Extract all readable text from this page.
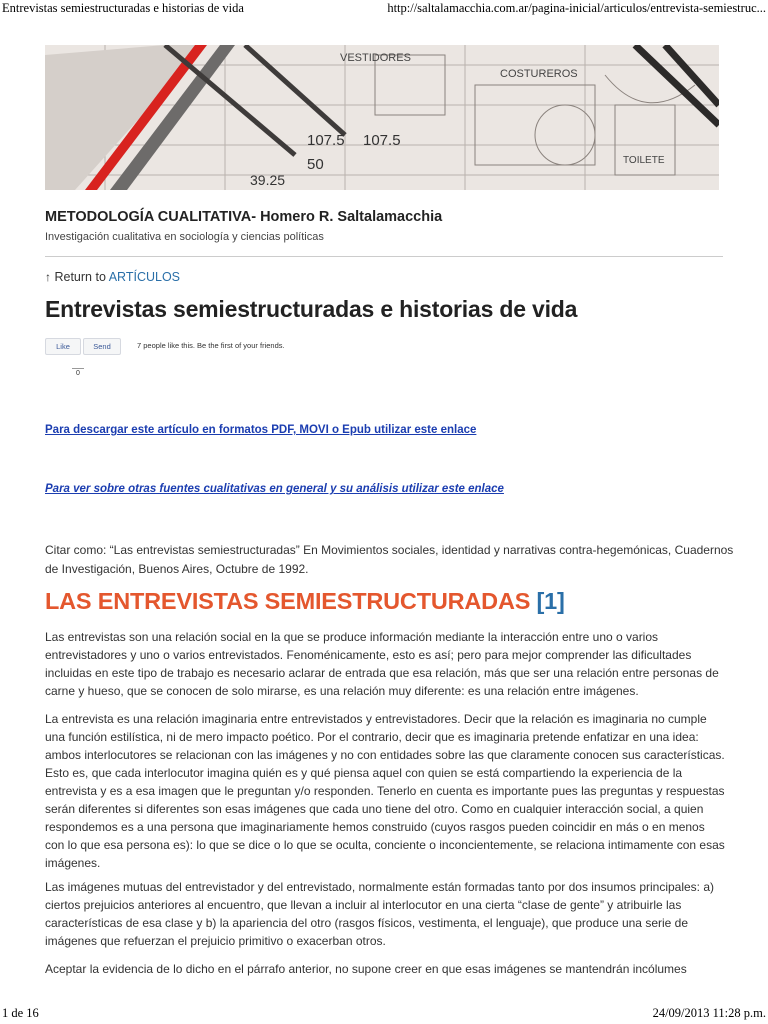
Entrevistas semiestructuradas e historias de vida	http://saltalamacchia.com.ar/pagina-inicial/articulos/entrevista-semiestruc...
VESTIDORES
COSTUREROS
107.5 107.5
50
39.25
TOILETE
METODOLOGÍA CUALITATIVA- Homero R. Saltalamacchia
Investigación cualitativa en sociología y ciencias políticas
↑ Return to ARTÍCULOS
Entrevistas semiestructuradas e historias de vida
Like	Send	7 people like this. Be the first of your friends.
0
Para descargar este artículo en formatos PDF, MOVI o Epub utilizar este enlace
Para ver sobre otras fuentes cualitativas en general y su análisis utilizar este enlace
Citar como: “Las entrevistas semiestructuradas” En Movimientos sociales, identidad y narrativas contra-hegemónicas, Cuadernos de Investigación, Buenos Aires, Octubre de 1992.
LAS ENTREVISTAS SEMIESTRUCTURADAS [1]

Las entrevistas son una relación social en la que se produce información mediante la interacción entre uno o varios entrevistadores y uno o varios entrevistados. Fenoménicamente, esto es así; pero para mejor comprender las dificultades incluidas en este tipo de trabajo es necesario aclarar de entrada que esa relación, más que ser una relación entre personas de carne y hueso, que se conocen de solo mirarse, es una relación muy diferente: es una relación entre imágenes.

La entrevista es una relación imaginaria entre entrevistados y entrevistadores. Decir que la relación es imaginaria no cumple una función estilística, ni de mero impacto poético. Por el contrario, decir que es imaginaria pretende enfatizar en una idea: ambos interlocutores se relacionan con las imágenes y no con entidades sobre las que claramente conocen sus características. Esto es, que cada interlocutor imagina quién es y qué piensa aquel con quien se está compartiendo la experiencia de la entrevista y es a esa imagen que le preguntan y/o responden. Tenerlo en cuenta es importante pues las preguntas y respuestas serán diferentes si diferentes son esas imágenes que cada uno tiene del otro. Como en cualquier interacción social, a quien respondemos es a una persona que imaginariamente hemos construido (cuyos rasgos pueden coincidir en más o en menos con lo que esa persona es): lo que se dice o lo que se oculta, conciente o inconcientemente, se relaciona intimamente con esas imágenes.

Las imágenes mutuas del entrevistador y del entrevistado, normalmente están formadas tanto por dos insumos principales: a) ciertos prejuicios anteriores al encuentro, que llevan a incluir al interlocutor en una cierta “clase de gente” y atribuirle las características de esa clase y b) la apariencia del otro (rasgos físicos, vestimenta, el lenguaje), que produce una serie de imágenes que refuerzan el prejuicio primitivo o exacerban otros.

Aceptar la evidencia de lo dicho en el párrafo anterior, no supone creer en que esas imágenes se mantendrán incólumes

1 de 16	24/09/2013 11:28 p.m.
